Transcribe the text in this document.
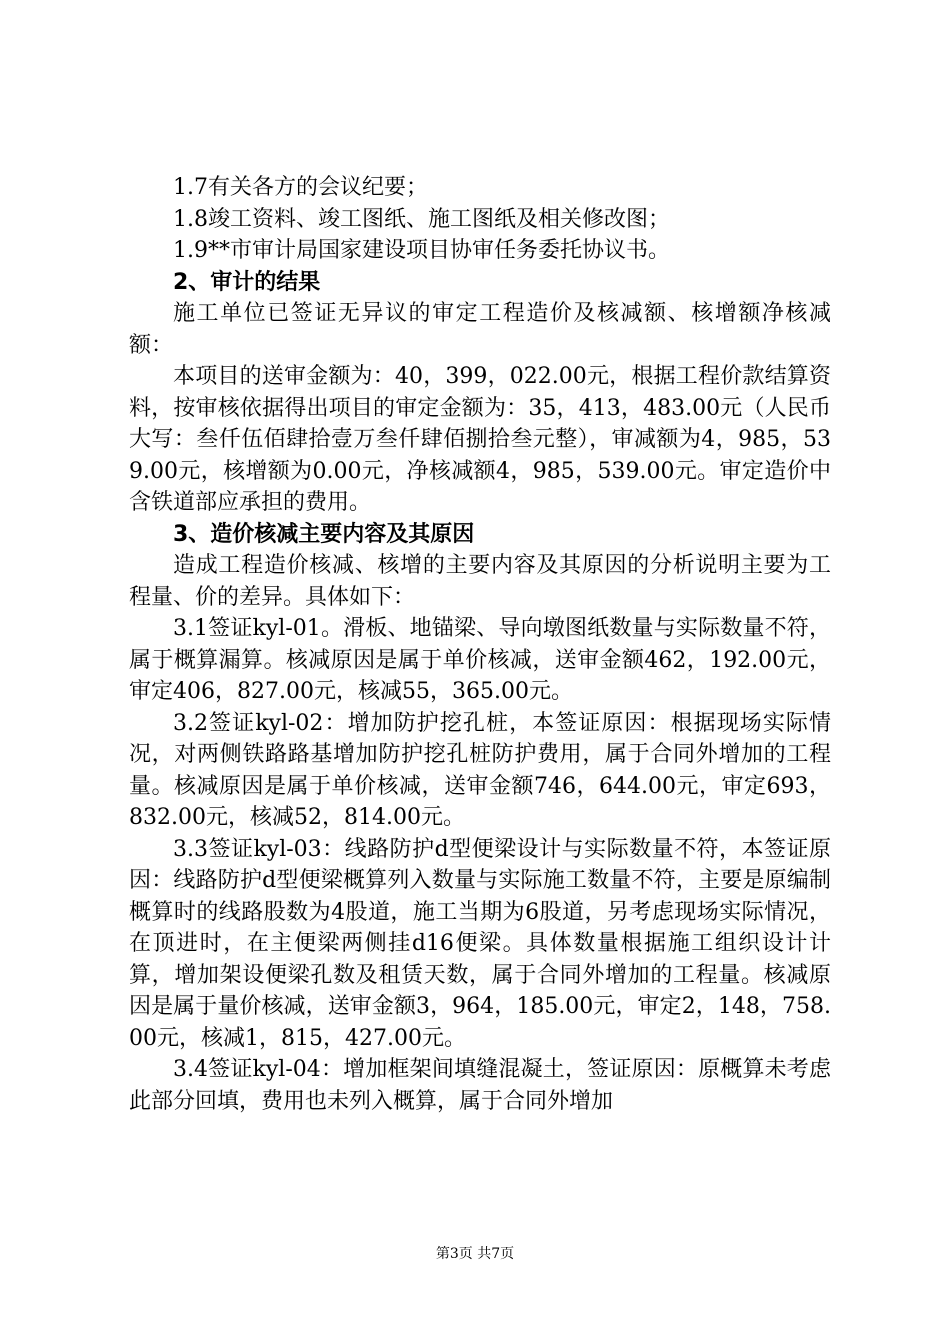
1.7有关各方的会议纪要；

1.8竣工资料、竣工图纸、施工图纸及相关修改图；

1.9**市审计局国家建设项目协审任务委托协议书。

2、审计的结果

施工单位已签证无异议的审定工程造价及核减额、核增额净核减额：

本项目的送审金额为：40，399，022.00元，根据工程价款结算资料，按审核依据得出项目的审定金额为：35，413，483.00元（人民币大写：叁仟伍佰肆拾壹万叁仟肆佰捌拾叁元整），审减额为4，985，539.00元，核增额为0.00元，净核减额4，985，539.00元。审定造价中含铁道部应承担的费用。

3、造价核减主要内容及其原因

造成工程造价核减、核增的主要内容及其原因的分析说明主要为工程量、价的差异。具体如下：

3.1签证kyl-01。滑板、地锚梁、导向墩图纸数量与实际数量不符，属于概算漏算。核减原因是属于单价核减，送审金额462，192.00元，审定406，827.00元，核减55，365.00元。

3.2签证kyl-02：增加防护挖孔桩，本签证原因：根据现场实际情况，对两侧铁路路基增加防护挖孔桩防护费用，属于合同外增加的工程量。核减原因是属于单价核减，送审金额746，644.00元，审定693，832.00元，核减52，814.00元。

3.3签证kyl-03：线路防护d型便梁设计与实际数量不符，本签证原因：线路防护d型便梁概算列入数量与实际施工数量不符，主要是原编制概算时的线路股数为4股道，施工当期为6股道，另考虑现场实际情况，在顶进时，在主便梁两侧挂d16便梁。具体数量根据施工组织设计计算，增加架设便梁孔数及租赁天数，属于合同外增加的工程量。核减原因是属于量价核减，送审金额3，964，185.00元，审定2，148，758.00元，核减1，815，427.00元。

3.4签证kyl-04：增加框架间填缝混凝土，签证原因：原概算未考虑此部分回填，费用也未列入概算，属于合同外增加

第3页 共7页
